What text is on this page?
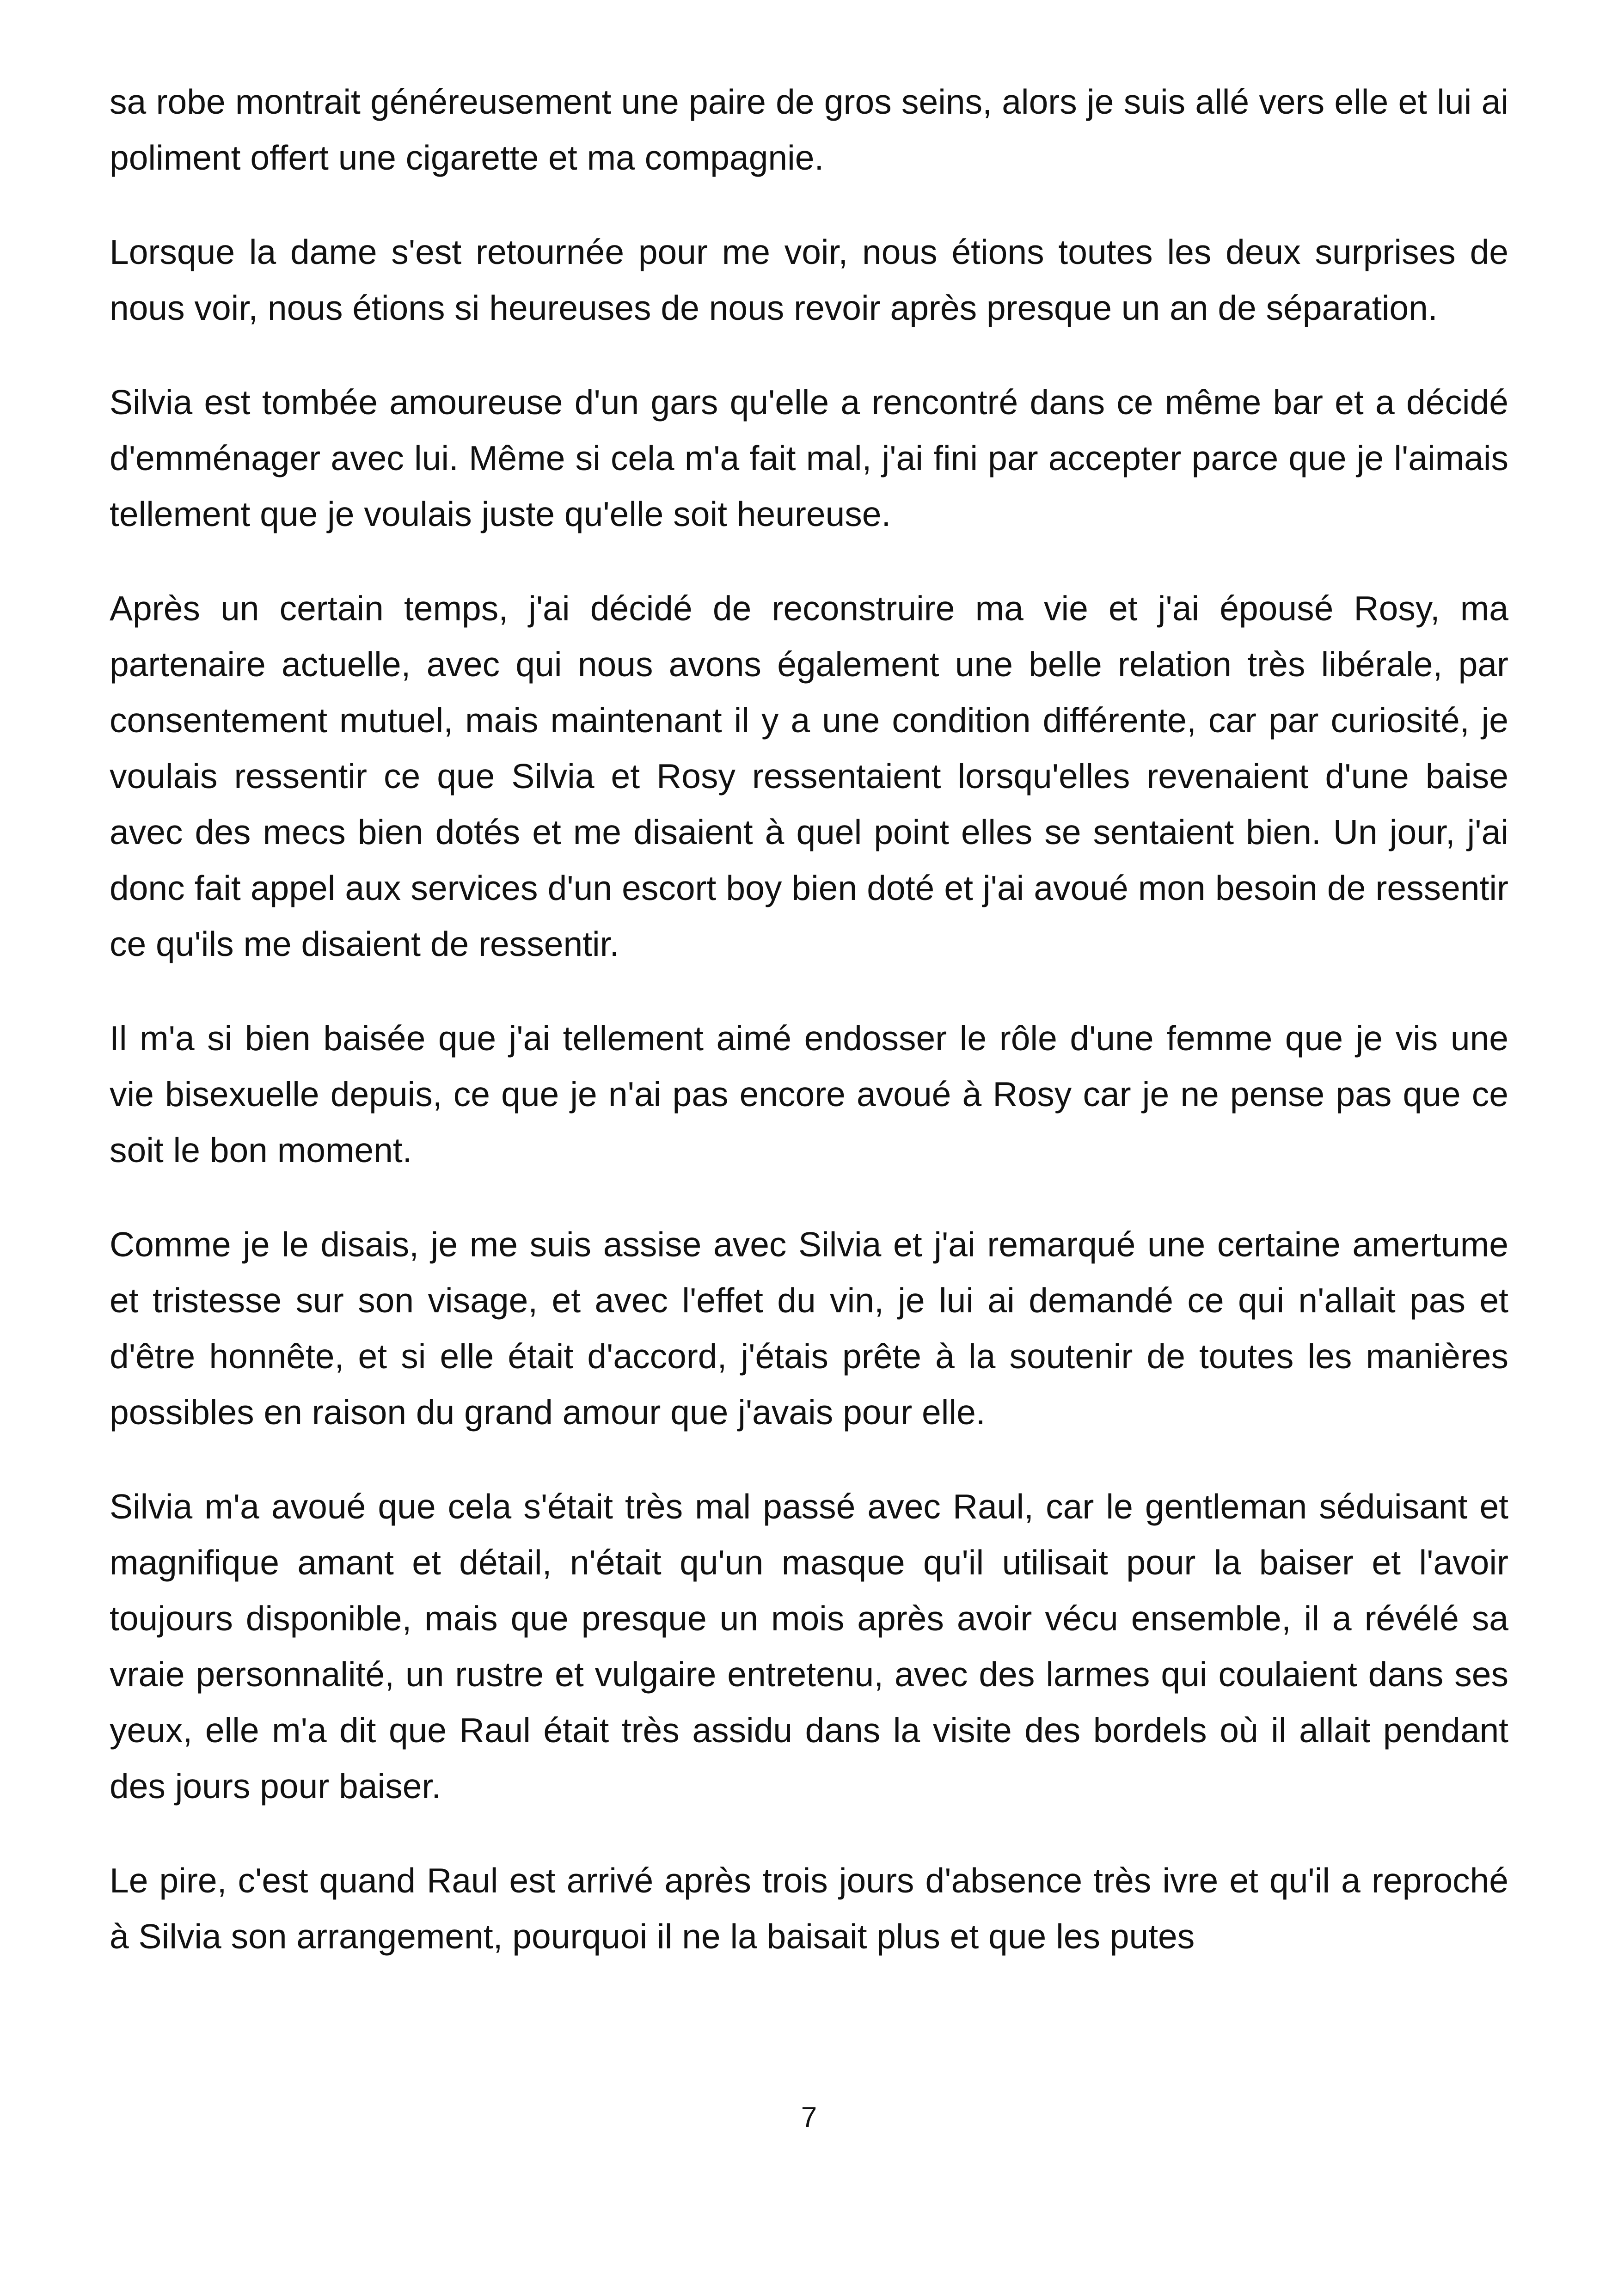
sa robe montrait généreusement une paire de gros seins, alors je suis allé vers elle et lui ai poliment offert une cigarette et ma compagnie.

Lorsque la dame s'est retournée pour me voir, nous étions toutes les deux surprises de nous voir, nous étions si heureuses de nous revoir après presque un an de séparation.

Silvia est tombée amoureuse d'un gars qu'elle a rencontré dans ce même bar et a décidé d'emménager avec lui. Même si cela m'a fait mal, j'ai fini par accepter parce que je l'aimais tellement que je voulais juste qu'elle soit heureuse.

Après un certain temps, j'ai décidé de reconstruire ma vie et j'ai épousé Rosy, ma partenaire actuelle, avec qui nous avons également une belle relation très libérale, par consentement mutuel, mais maintenant il y a une condition différente, car par curiosité, je voulais ressentir ce que Silvia et Rosy ressentaient lorsqu'elles revenaient d'une baise avec des mecs bien dotés et me disaient à quel point elles se sentaient bien. Un jour, j'ai donc fait appel aux services d'un escort boy bien doté et j'ai avoué mon besoin de ressentir ce qu'ils me disaient de ressentir.

Il m'a si bien baisée que j'ai tellement aimé endosser le rôle d'une femme que je vis une vie bisexuelle depuis, ce que je n'ai pas encore avoué à Rosy car je ne pense pas que ce soit le bon moment.

Comme je le disais, je me suis assise avec Silvia et j'ai remarqué une certaine amertume et tristesse sur son visage, et avec l'effet du vin, je lui ai demandé ce qui n'allait pas et d'être honnête, et si elle était d'accord, j'étais prête à la soutenir de toutes les manières possibles en raison du grand amour que j'avais pour elle.

Silvia m'a avoué que cela s'était très mal passé avec Raul, car le gentleman séduisant et magnifique amant et détail, n'était qu'un masque qu'il utilisait pour la baiser et l'avoir toujours disponible, mais que presque un mois après avoir vécu ensemble, il a révélé sa vraie personnalité, un rustre et vulgaire entretenu, avec des larmes qui coulaient dans ses yeux, elle m'a dit que Raul était très assidu dans la visite des bordels où il allait pendant des jours pour baiser.

Le pire, c'est quand Raul est arrivé après trois jours d'absence très ivre et qu'il a reproché à Silvia son arrangement, pourquoi il ne la baisait plus et que les putes

7
